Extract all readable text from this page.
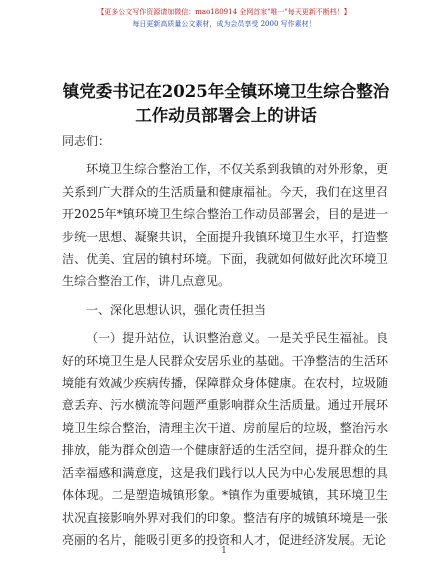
【更多公文写作资源请加微信：mao180914 全网首家"唯一"每天更新不断档！】
每日更新高质量公文素材，成为会员享受 2000 写作素材！
镇党委书记在2025年全镇环境卫生综合整治工作动员部署会上的讲话

同志们：

环境卫生综合整治工作，不仅关系到我镇的对外形象，更关系到广大群众的生活质量和健康福祉。今天，我们在这里召开2025年*镇环境卫生综合整治工作动员部署会，目的是进一步统一思想、凝聚共识，全面提升我镇环境卫生水平，打造整洁、优美、宜居的镇村环境。下面，我就如何做好此次环境卫生综合整治工作，讲几点意见。

一、深化思想认识，强化责任担当

（一）提升站位，认识整治意义。一是关乎民生福祉。良好的环境卫生是人民群众安居乐业的基础。干净整洁的生活环境能有效减少疾病传播，保障群众身体健康。在农村，垃圾随意丢弃、污水横流等问题严重影响群众生活质量。通过开展环境卫生综合整治，清理主次干道、房前屋后的垃圾，整治污水排放，能为群众创造一个健康舒适的生活空间，提升群众的生活幸福感和满意度，这是我们践行以人民为中心发展思想的具体体现。二是塑造城镇形象。*镇作为重要城镇，其环境卫生状况直接影响外界对我们的印象。整洁有序的城镇环境是一张亮丽的名片，能吸引更多的投资和人才，促进经济发展。无论

1
